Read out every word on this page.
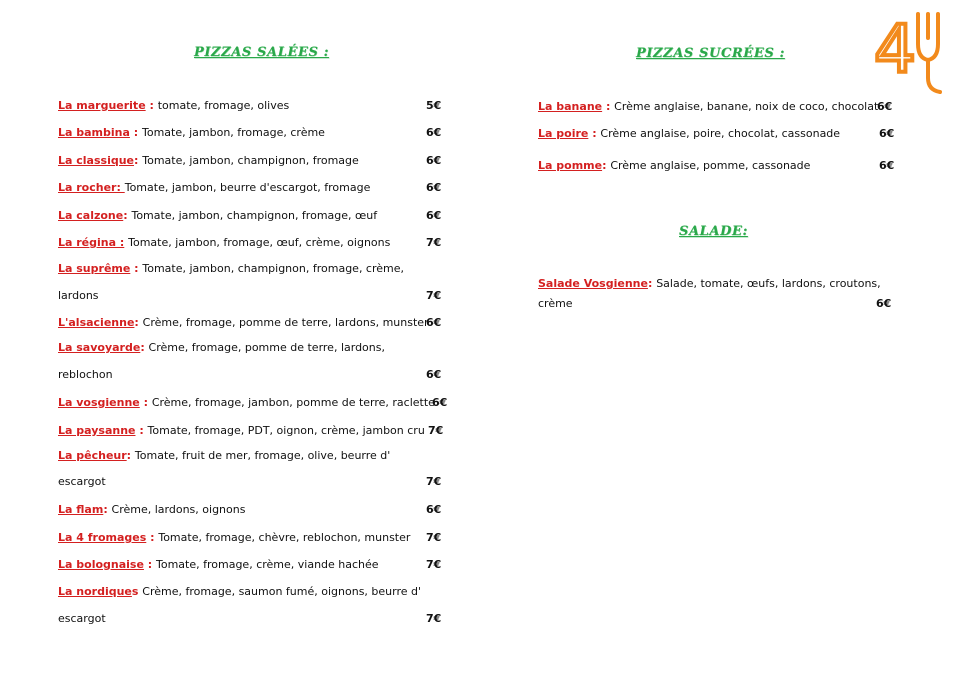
PIZZAS SALÉES :	PIZZAS SUCRÉES :
SALADE:
4
La marguerite : tomate, fromage, olives	5€
La bambina : Tomate, jambon, fromage, crème	6€
La classique: Tomate, jambon, champignon, fromage	6€
La rocher: Tomate, jambon, beurre d'escargot, fromage	6€
La calzone: Tomate, jambon, champignon, fromage, œuf	6€
La régina : Tomate, jambon, fromage, œuf, crème, oignons	7€
La suprême : Tomate, jambon, champignon, fromage, crème,
lardons	7€
L'alsacienne: Crème, fromage, pomme de terre, lardons, munster
6€
La savoyarde: Crème, fromage, pomme de terre, lardons,
reblochon	6€
La vosgienne : Crème, fromage, jambon, pomme de terre, raclette
6€
La paysanne : Tomate, fromage, PDT, oignon, crème, jambon cru 7€
La pêcheur: Tomate, fruit de mer, fromage, olive, beurre d'
escargot	7€
La flam: Crème, lardons, oignons	6€
La 4 fromages : Tomate, fromage, chèvre, reblochon, munster 7€
La bolognaise : Tomate, fromage, crème, viande hachée	7€
La nordiques Crème, fromage, saumon fumé, oignons, beurre d'
escargot	7€
La banane : Crème anglaise, banane, noix de coco, chocolat
6€
La poire : Crème anglaise, poire, chocolat, cassonade	6€
La pomme: Crème anglaise, pomme, cassonade	6€
Salade Vosgienne: Salade, tomate, œufs, lardons, croutons,
crème	6€
